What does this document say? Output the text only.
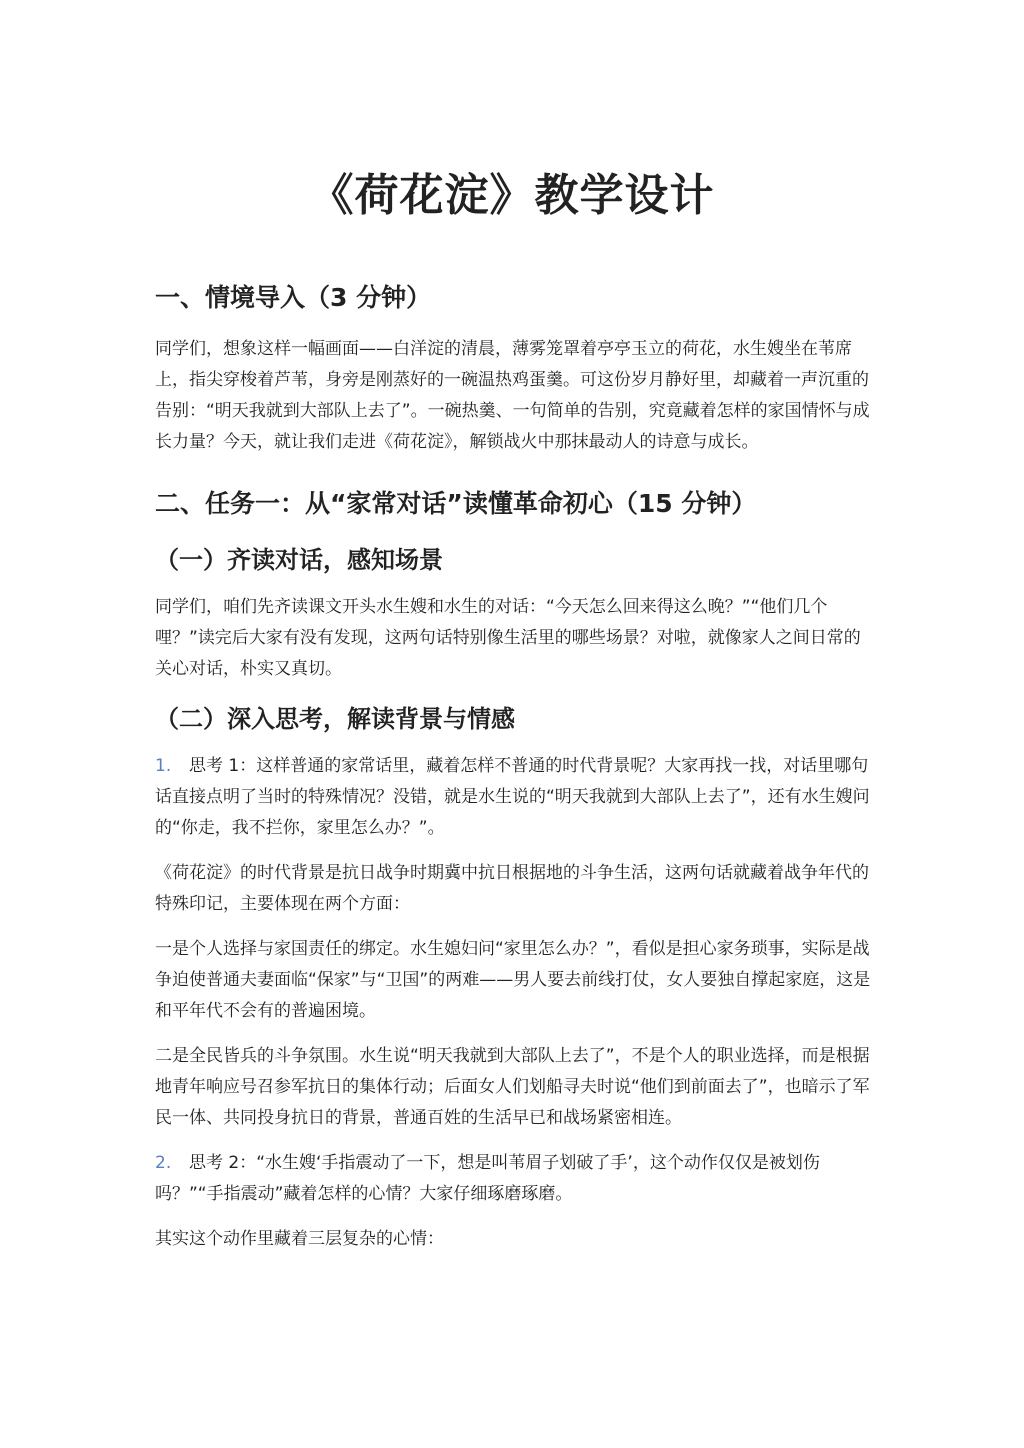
《荷花淀》教学设计
一、情境导入（3 分钟）
同学们，想象这样一幅画面——白洋淀的清晨，薄雾笼罩着亭亭玉立的荷花，水生嫂坐在苇席上，指尖穿梭着芦苇，身旁是刚蒸好的一碗温热鸡蛋羹。可这份岁月静好里，却藏着一声沉重的告别：“明天我就到大部队上去了”。一碗热羹、一句简单的告别，究竟藏着怎样的家国情怀与成长力量？今天，就让我们走进《荷花淀》，解锁战火中那抹最动人的诗意与成长。
二、任务一：从“家常对话”读懂革命初心（15 分钟）
（一）齐读对话，感知场景
同学们，咱们先齐读课文开头水生嫂和水生的对话：“今天怎么回来得这么晚？”“他们几个哩？”读完后大家有没有发现，这两句话特别像生活里的哪些场景？对啦，就像家人之间日常的关心对话，朴实又真切。
（二）深入思考，解读背景与情感
1. 思考 1：这样普通的家常话里，藏着怎样不普通的时代背景呢？大家再找一找，对话里哪句话直接点明了当时的特殊情况？没错，就是水生说的“明天我就到大部队上去了”，还有水生嫂问的“你走，我不拦你，家里怎么办？”。
《荷花淀》的时代背景是抗日战争时期冀中抗日根据地的斗争生活，这两句话就藏着战争年代的特殊印记，主要体现在两个方面：
一是个人选择与家国责任的绑定。水生媳妇问“家里怎么办？”，看似是担心家务琐事，实际是战争迫使普通夫妻面临“保家”与“卫国”的两难——男人要去前线打仗，女人要独自撑起家庭，这是和平年代不会有的普遍困境。
二是全民皆兵的斗争氛围。水生说“明天我就到大部队上去了”，不是个人的职业选择，而是根据地青年响应号召参军抗日的集体行动；后面女人们划船寻夫时说“他们到前面去了”，也暗示了军民一体、共同投身抗日的背景，普通百姓的生活早已和战场紧密相连。
2. 思考 2：“水生嫂‘手指震动了一下，想是叫苇眉子划破了手’，这个动作仅仅是被划伤吗？”“手指震动”藏着怎样的心情？大家仔细琢磨琢磨。
其实这个动作里藏着三层复杂的心情：
